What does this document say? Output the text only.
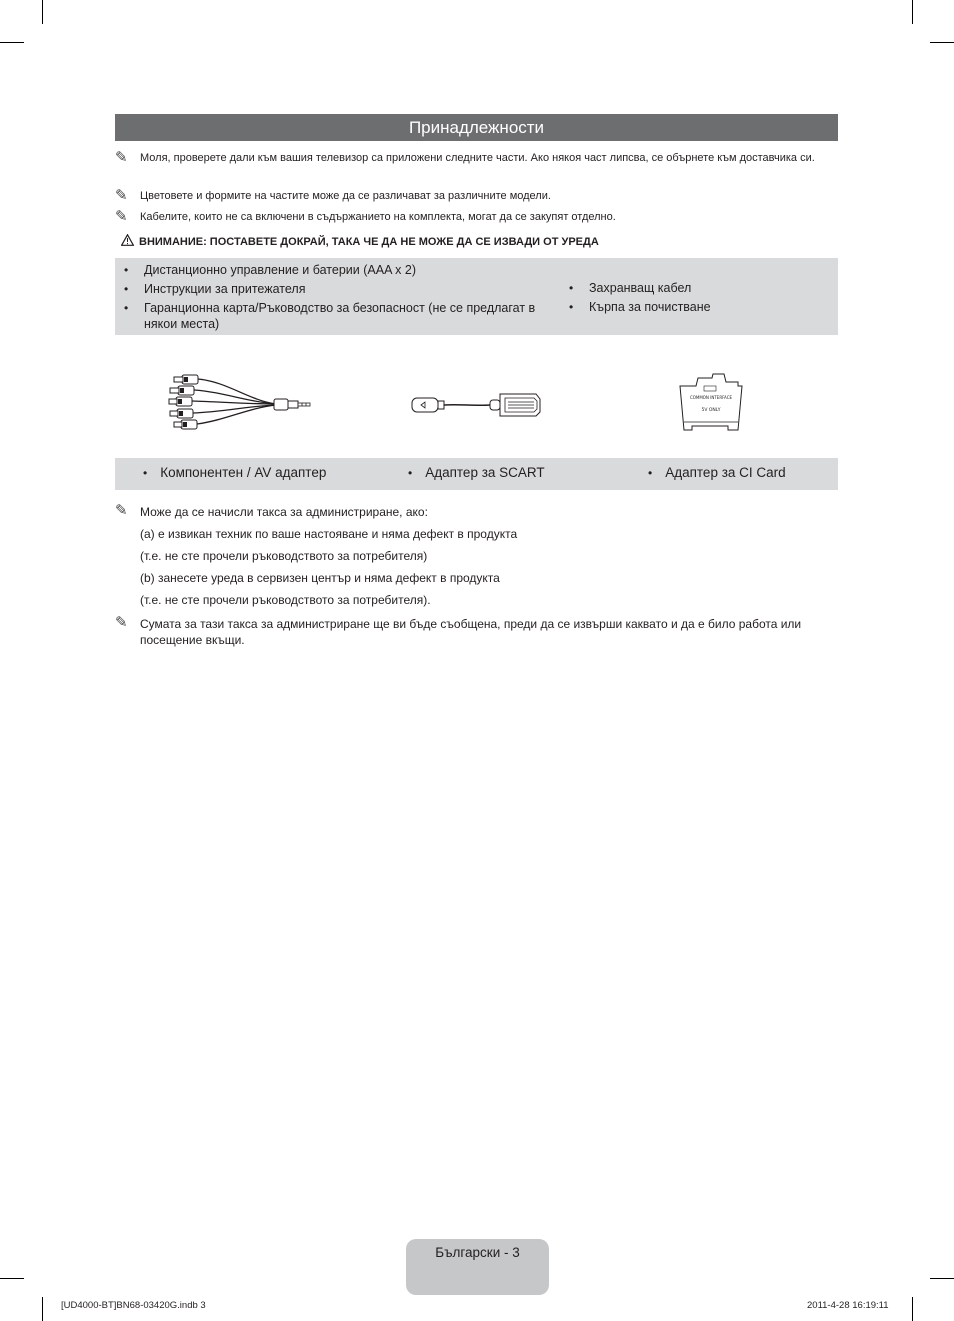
Принадлежности
✎	Моля, проверете дали към вашия телевизор са приложени следните части. Ако някоя част липсва, се обърнете към доставчика си.
✎	Цветовете и формите на частите може да се различават за различните модели.
✎	Кабелите, които не са включени в съдържанието на комплекта, могат да се закупят отделно.
ВНИМАНИЕ: ПОСТАВЕТЕ ДОКРАЙ, ТАКА ЧЕ ДА НЕ МОЖЕ ДА СЕ ИЗВАДИ ОТ УРЕДА
• Дистанционно управление и батерии (AAA x 2)
• Инструкции за притежателя
• Гаранционна карта/Ръководство за безопасност (не се предлагат в някои места)
• Захранващ кабел
• Кърпа за почистване
COMMON INTERFACE
5V ONLY
• Компонентен / AV адаптер	• Адаптер за SCART	• Адаптер за CI Card
✎	Може да се начисли такса за администриране, ако:
(a) е извикан техник по ваше настояване и няма дефект в продукта
(т.е. не сте прочели ръководството за потребителя)
(b) занесете уреда в сервизен център и няма дефект в продукта
(т.е. не сте прочели ръководството за потребителя).
✎	Сумата за тази такса за администриране ще ви бъде съобщена, преди да се извърши каквато и да е било работа или посещение вкъщи.
Български - 3
[UD4000-BT]BN68-03420G.indb 3	2011-4-28 16:19:11
